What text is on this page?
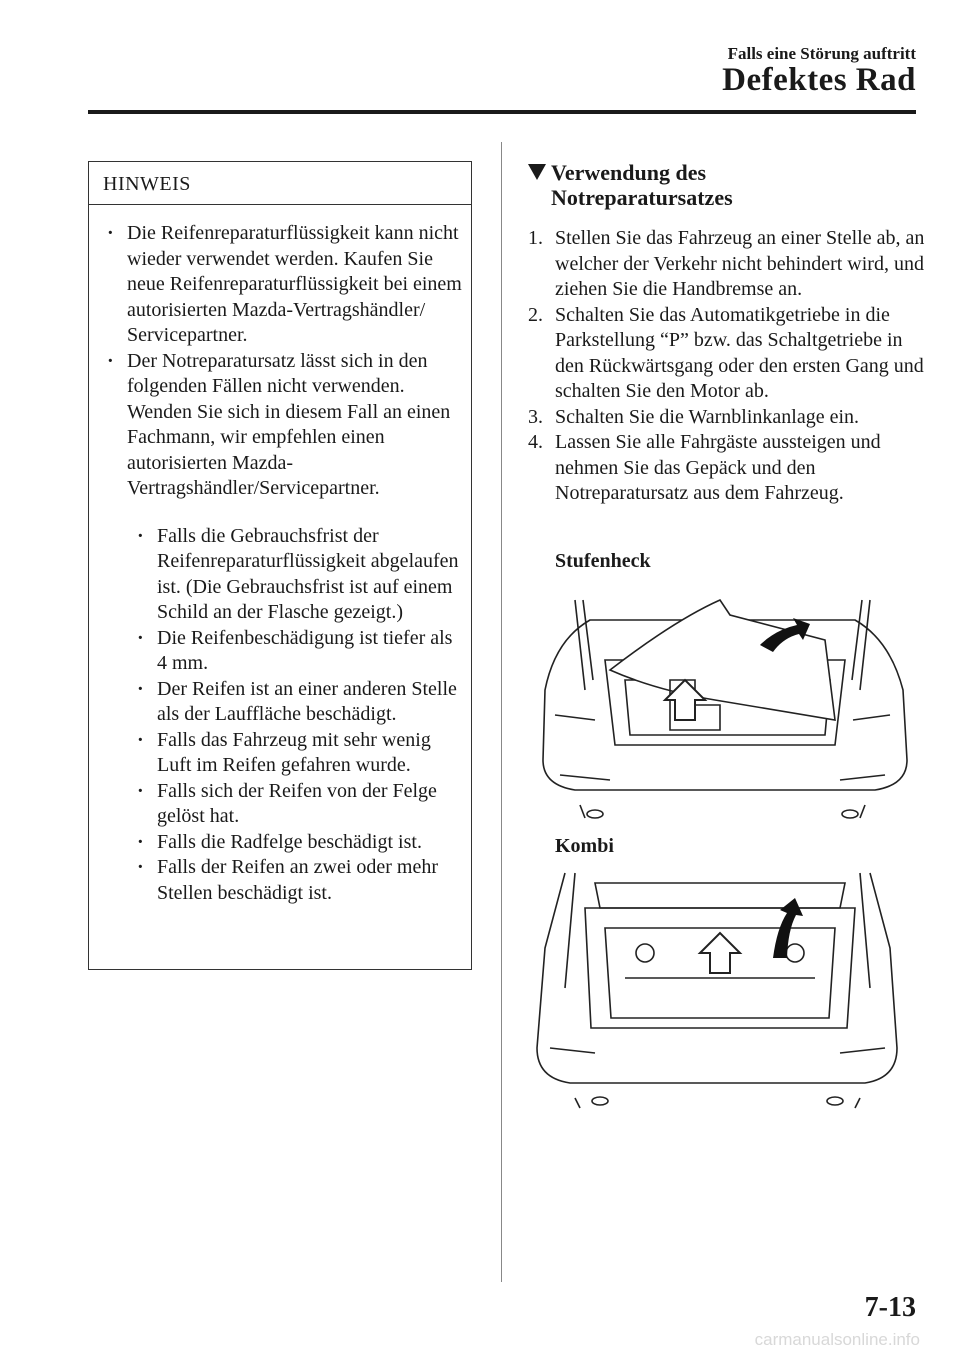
Falls eine Störung auftritt
Defektes Rad
HINWEIS

· Die Reifenreparaturflüssigkeit kann nicht wieder verwendet werden. Kaufen Sie neue Reifenreparaturflüssigkeit bei einem autorisierten Mazda-Vertragshändler/ Servicepartner.

· Der Notreparatursatz lässt sich in den folgenden Fällen nicht verwenden. Wenden Sie sich in diesem Fall an einen Fachmann, wir empfehlen einen autorisierten Mazda-Vertragshändler/Servicepartner.

· Falls die Gebrauchsfrist der Reifenreparaturflüssigkeit abgelaufen ist. (Die Gebrauchsfrist ist auf einem Schild an der Flasche gezeigt.)

· Die Reifenbeschädigung ist tiefer als 4 mm.

· Der Reifen ist an einer anderen Stelle als der Lauffläche beschädigt.

· Falls das Fahrzeug mit sehr wenig Luft im Reifen gefahren wurde.

· Falls sich der Reifen von der Felge gelöst hat.

· Falls die Radfelge beschädigt ist.

· Falls der Reifen an zwei oder mehr Stellen beschädigt ist.

Verwendung des
Notreparatursatzes
1. Stellen Sie das Fahrzeug an einer Stelle ab, an welcher der Verkehr nicht behindert wird, und ziehen Sie die Handbremse an.
2. Schalten Sie das Automatikgetriebe in die Parkstellung “P” bzw. das Schaltgetriebe in den Rückwärtsgang oder den ersten Gang und schalten Sie den Motor ab.
3. Schalten Sie die Warnblinkanlage ein.
4. Lassen Sie alle Fahrgäste aussteigen und nehmen Sie das Gepäck und den Notreparatursatz aus dem Fahrzeug.
Stufenheck
Kombi
7-13
carmanualsonline.info
